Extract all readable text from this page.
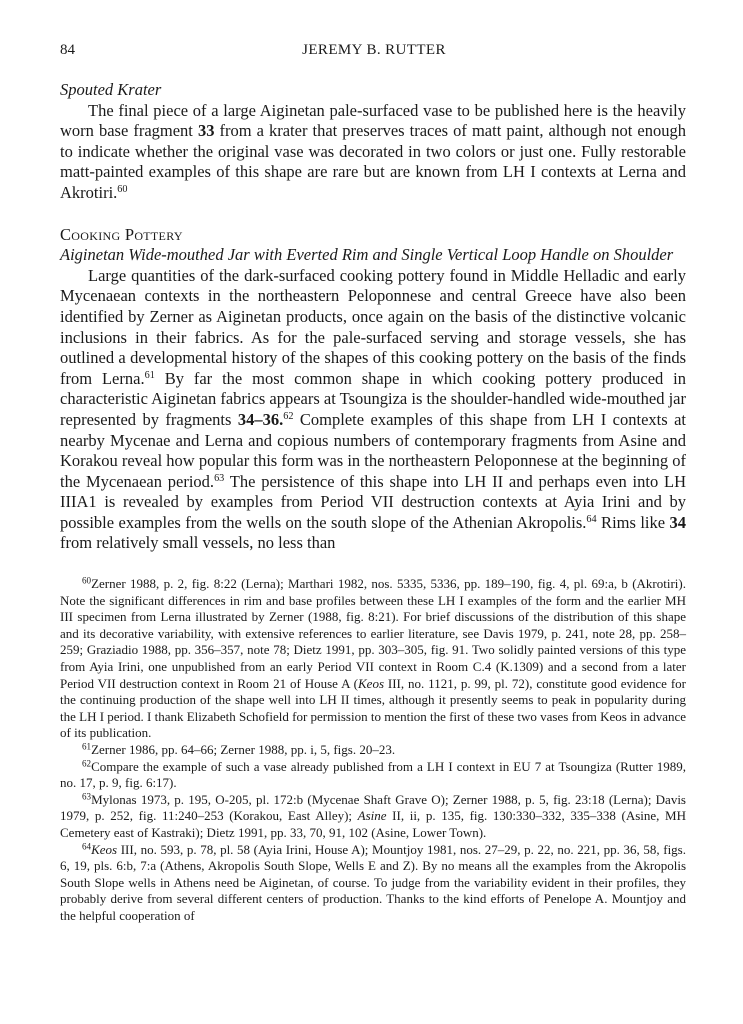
84	JEREMY B. RUTTER
Spouted Krater

The final piece of a large Aiginetan pale-surfaced vase to be published here is the heavily worn base fragment 33 from a krater that preserves traces of matt paint, although not enough to indicate whether the original vase was decorated in two colors or just one. Fully restorable matt-painted examples of this shape are rare but are known from LH I contexts at Lerna and Akrotiri.$^{60}$

Cooking Pottery
Aiginetan Wide-mouthed Jar with Everted Rim and Single Vertical Loop Handle on Shoulder

Large quantities of the dark-surfaced cooking pottery found in Middle Helladic and early Mycenaean contexts in the northeastern Peloponnese and central Greece have also been identified by Zerner as Aiginetan products, once again on the basis of the distinctive volcanic inclusions in their fabrics. As for the pale-surfaced serving and storage vessels, she has outlined a developmental history of the shapes of this cooking pottery on the basis of the finds from Lerna.$^{61}$ By far the most common shape in which cooking pottery produced in characteristic Aiginetan fabrics appears at Tsoungiza is the shoulder-handled wide-mouthed jar represented by fragments 34–36.62 Complete examples of this shape from LH I contexts at nearby Mycenae and Lerna and copious numbers of contemporary fragments from Asine and Korakou reveal how popular this form was in the northeastern Peloponnese at the beginning of the Mycenaean period.$^{63}$ The persistence of this shape into LH II and perhaps even into LH IIIA1 is revealed by examples from Period VII destruction contexts at Ayia Irini and by possible examples from the wells on the south slope of the Athenian Akropolis.$^{64}$ Rims like 34 from relatively small vessels, no less than

$^{60}$Zerner 1988, p. 2, fig. 8:22 (Lerna); Marthari 1982, nos. 5335, 5336, pp. 189–190, fig. 4, pl. 69:a, b (Akrotiri). Note the significant differences in rim and base profiles between these LH I examples of the form and the earlier MH III specimen from Lerna illustrated by Zerner (1988, fig. 8:21). For brief discussions of the distribution of this shape and its decorative variability, with extensive references to earlier literature, see Davis 1979, p. 241, note 28, pp. 258–259; Graziadio 1988, pp. 356–357, note 78; Dietz 1991, pp. 303–305, fig. 91. Two solidly painted versions of this type from Ayia Irini, one unpublished from an early Period VII context in Room C.4 (K.1309) and a second from a later Period VII destruction context in Room 21 of House A (Keos III, no. 1121, p. 99, pl. 72), constitute good evidence for the continuing production of the shape well into LH II times, although it presently seems to peak in popularity during the LH I period. I thank Elizabeth Schofield for permission to mention the first of these two vases from Keos in advance of its publication.

$^{61}$Zerner 1986, pp. 64–66; Zerner 1988, pp. i, 5, figs. 20–23.

$^{62}$Compare the example of such a vase already published from a LH I context in EU 7 at Tsoungiza (Rutter 1989, no. 17, p. 9, fig. 6:17).

$^{63}$Mylonas 1973, p. 195, O-205, pl. 172:b (Mycenae Shaft Grave O); Zerner 1988, p. 5, fig. 23:18 (Lerna); Davis 1979, p. 252, fig. 11:240–253 (Korakou, East Alley); Asine II, ii, p. 135, fig. 130:330–332, 335–338 (Asine, MH Cemetery east of Kastraki); Dietz 1991, pp. 33, 70, 91, 102 (Asine, Lower Town).

$^{64}$Keos III, no. 593, p. 78, pl. 58 (Ayia Irini, House A); Mountjoy 1981, nos. 27–29, p. 22, no. 221, pp. 36, 58, figs. 6, 19, pls. 6:b, 7:a (Athens, Akropolis South Slope, Wells E and Z). By no means all the examples from the Akropolis South Slope wells in Athens need be Aiginetan, of course. To judge from the variability evident in their profiles, they probably derive from several different centers of production. Thanks to the kind efforts of Penelope A. Mountjoy and the helpful cooperation of
